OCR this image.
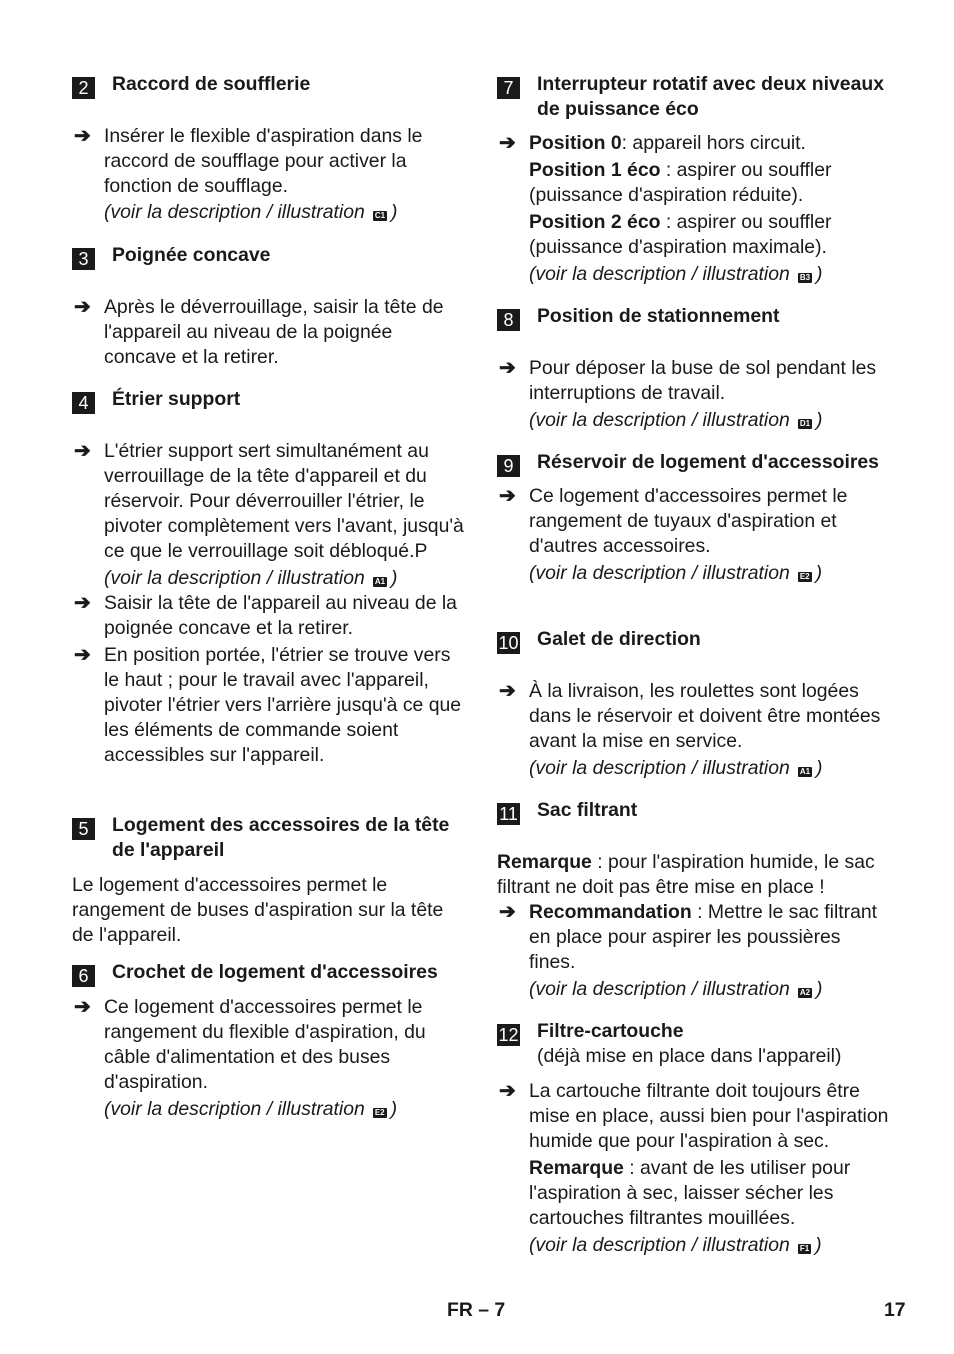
2	Raccord de soufflerie

➔ Insérer le flexible d'aspiration dans le raccord de soufflage pour activer la fonction de soufflage.

(voir la description / illustration C1 )

3	Poignée concave

➔ Après le déverrouillage, saisir la tête de l'appareil au niveau de la poignée concave et la retirer.

4	Étrier support

➔ L'étrier support sert simultanément au verrouillage de la tête d'appareil et du réservoir. Pour déverrouiller l'étrier, le pivoter complètement vers l'avant, jusqu'à ce que le verrouillage soit débloqué.P

(voir la description / illustration A1 )

➔ Saisir la tête de l'appareil au niveau de la poignée concave et la retirer.

➔ En position portée, l'étrier se trouve vers le haut ; pour le travail avec l'appareil, pivoter l'étrier vers l'arrière jusqu'à ce que les éléments de commande soient accessibles sur l'appareil.

5	Logement des accessoires de la tête de l'appareil

Le logement d'accessoires permet le rangement de buses d'aspiration sur la tête de l'appareil.

6	Crochet de logement d'accessoires

➔ Ce logement d'accessoires permet le rangement du flexible d'aspiration, du câble d'alimentation et des buses d'aspiration.

(voir la description / illustration E2 )

7	Interrupteur rotatif avec deux niveaux de puissance éco

➔ Position 0: appareil hors circuit.

Position 1 éco : aspirer ou souffler (puissance d'aspiration réduite).

Position 2 éco : aspirer ou souffler (puissance d'aspiration maximale).

(voir la description / illustration B3 )

8	Position de stationnement

➔ Pour déposer la buse de sol pendant les interruptions de travail.

(voir la description / illustration D1 )

9	Réservoir de logement d'accessoires

➔ Ce logement d'accessoires permet le rangement de tuyaux d'aspiration et d'autres accessoires.

(voir la description / illustration E2 )

10 Galet de direction

➔ À la livraison, les roulettes sont logées dans le réservoir et doivent être montées avant la mise en service.

(voir la description / illustration A1 )

11 Sac filtrant

Remarque : pour l'aspiration humide, le sac filtrant ne doit pas être mise en place !

➔ Recommandation : Mettre le sac filtrant en place pour aspirer les poussières fines.

(voir la description / illustration A2 )

12 Filtre-cartouche
(déjà mise en place dans l'appareil)

➔ La cartouche filtrante doit toujours être mise en place, aussi bien pour l'aspiration humide que pour l'aspiration à sec.

Remarque : avant de les utiliser pour l'aspiration à sec, laisser sécher les cartouches filtrantes mouillées.

(voir la description / illustration F1 )

FR – 7	17
